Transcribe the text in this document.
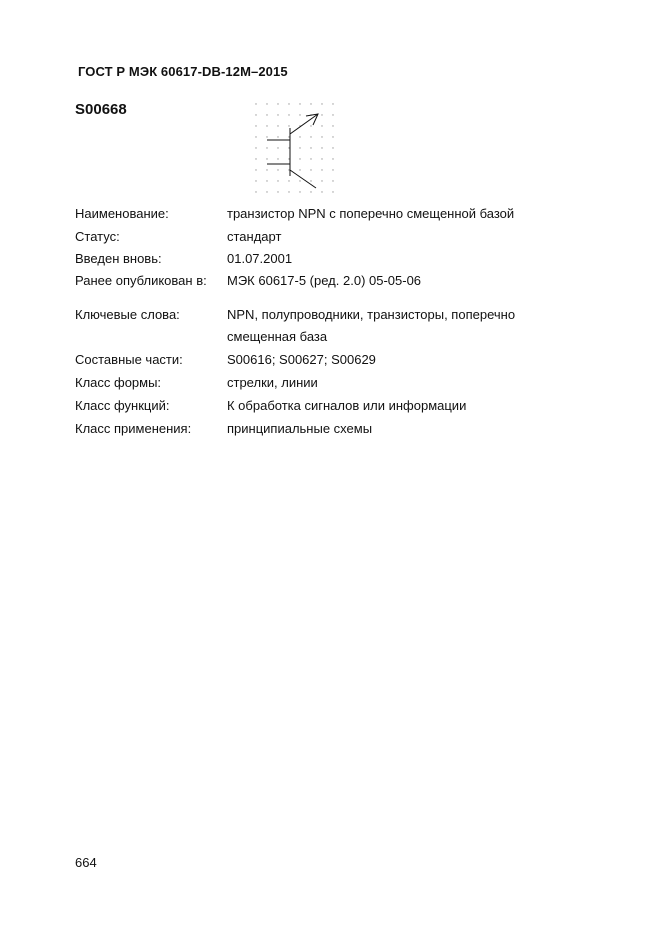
ГОСТ Р МЭК 60617-DB-12M–2015
S00668
Наименование:	транзистор NPN с поперечно смещенной базой
Статус:	стандарт
Введен вновь:	01.07.2001
Ранее опубликован в: МЭК 60617-5 (ред. 2.0) 05-05-06
Ключевые слова:	NPN, полупроводники, транзисторы, поперечно смещенная база
Составные части:	S00616; S00627; S00629
Класс формы:	стрелки, линии
Класс функций:	К обработка сигналов или информации
Класс применения:	принципиальные схемы
664
